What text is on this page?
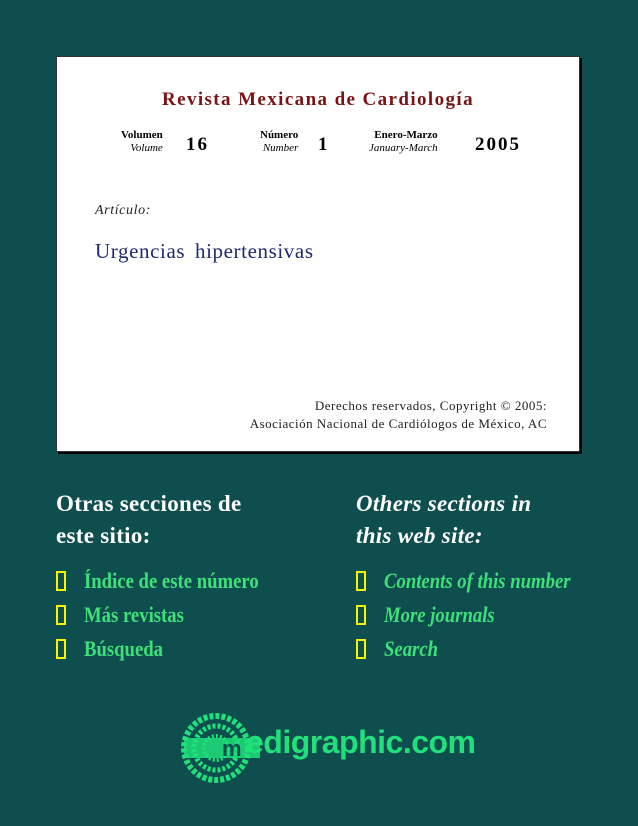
Revista Mexicana de Cardiología
Volumen
Volume 16	Número
Number 1	Enero-Marzo
January-March 2005
Artículo:
Urgencias hipertensivas
Derechos reservados, Copyright © 2005:
Asociación Nacional de Cardiólogos de México, AC
Otras secciones de
este sitio:
Índice de este número
Más revistas
Búsqueda
Others sections in
this web site:
Contents of this number
More journals
Search
m edigraphic.com
